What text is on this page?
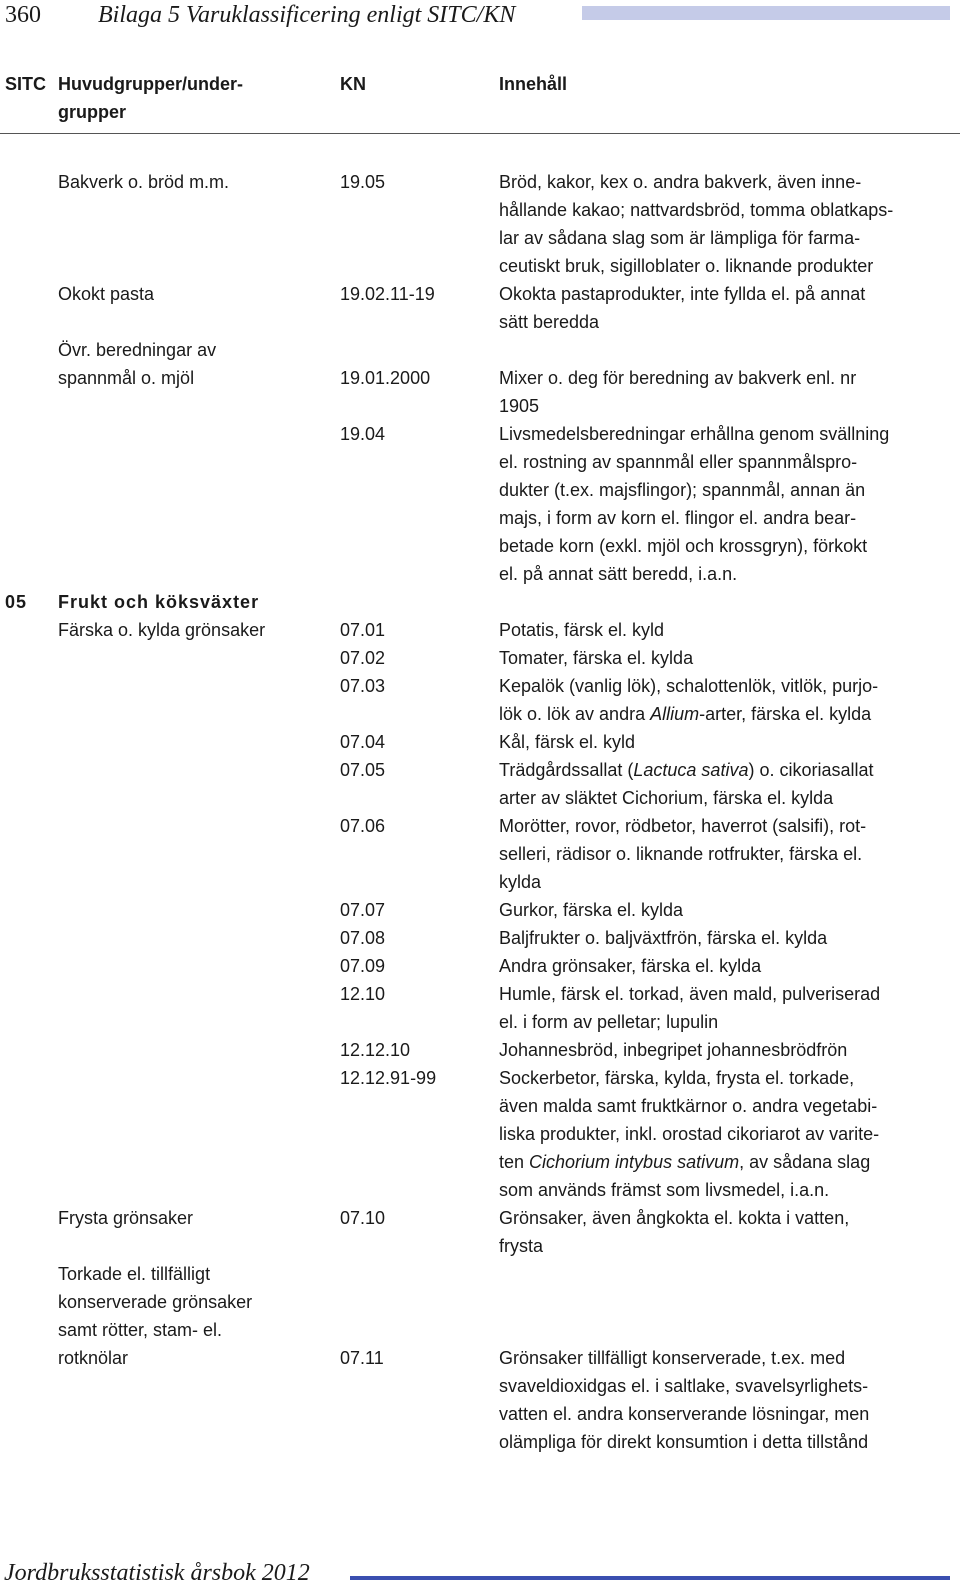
360 Bilaga 5 Varuklassificering enligt SITC/KN
SITC Huvudgrupper/under-
grupper
KN	Innehåll
Bakverk o. bröd m.m.	19.05	Bröd, kakor, kex o. andra bakverk, även inne-
hållande kakao; nattvardsbröd, tomma oblatkaps-
lar av sådana slag som är lämpliga för farma-
ceutiskt bruk, sigilloblater o. liknande produkter
Okokt pasta	19.02.11-19	Okokta pastaprodukter, inte fyllda el. på annat
sätt beredda
Övr. beredningar av
spannmål o. mjöl	19.01.2000	Mixer o. deg för beredning av bakverk enl. nr
1905
19.04	Livsmedelsberedningar erhållna genom svällning
el. rostning av spannmål eller spannmålspro-
dukter (t.ex. majsflingor); spannmål, annan än
majs, i form av korn el. flingor el. andra bear-
betade korn (exkl. mjöl och krossgryn), förkokt
el. på annat sätt beredd, i.a.n.
05	Frukt och köksväxter
Färska o. kylda grönsaker	07.01	Potatis, färsk el. kyld
07.02	Tomater, färska el. kylda
07.03	Kepalök (vanlig lök), schalottenlök, vitlök, purjo-
lök o. lök av andra Allium-arter, färska el. kylda
07.04	Kål, färsk el. kyld
07.05	Trädgårdssallat (Lactuca sativa) o. cikoriasallat
arter av släktet Cichorium, färska el. kylda
07.06	Morötter, rovor, rödbetor, haverrot (salsifi), rot-
selleri, rädisor o. liknande rotfrukter, färska el.
kylda
07.07	Gurkor, färska el. kylda
07.08	Baljfrukter o. baljväxtfrön, färska el. kylda
07.09	Andra grönsaker, färska el. kylda
12.10	Humle, färsk el. torkad, även mald, pulveriserad
el. i form av pelletar; lupulin
12.12.10	Johannesbröd, inbegripet johannesbrödfrön
12.12.91-99	Sockerbetor, färska, kylda, frysta el. torkade,
även malda samt fruktkärnor o. andra vegetabi-
liska produkter, inkl. orostad cikoriarot av varite-
ten Cichorium intybus sativum, av sådana slag
som används främst som livsmedel, i.a.n.
Frysta grönsaker	07.10	Grönsaker, även ångkokta el. kokta i vatten,
frysta
Torkade el. tillfälligt
konserverade grönsaker
samt rötter, stam- el.
rotknölar	07.11	Grönsaker tillfälligt konserverade, t.ex. med
svaveldioxidgas el. i saltlake, svavelsyrlighets-
vatten el. andra konserverande lösningar, men
olämpliga för direkt konsumtion i detta tillstånd
Jordbruksstatistisk årsbok 2012
